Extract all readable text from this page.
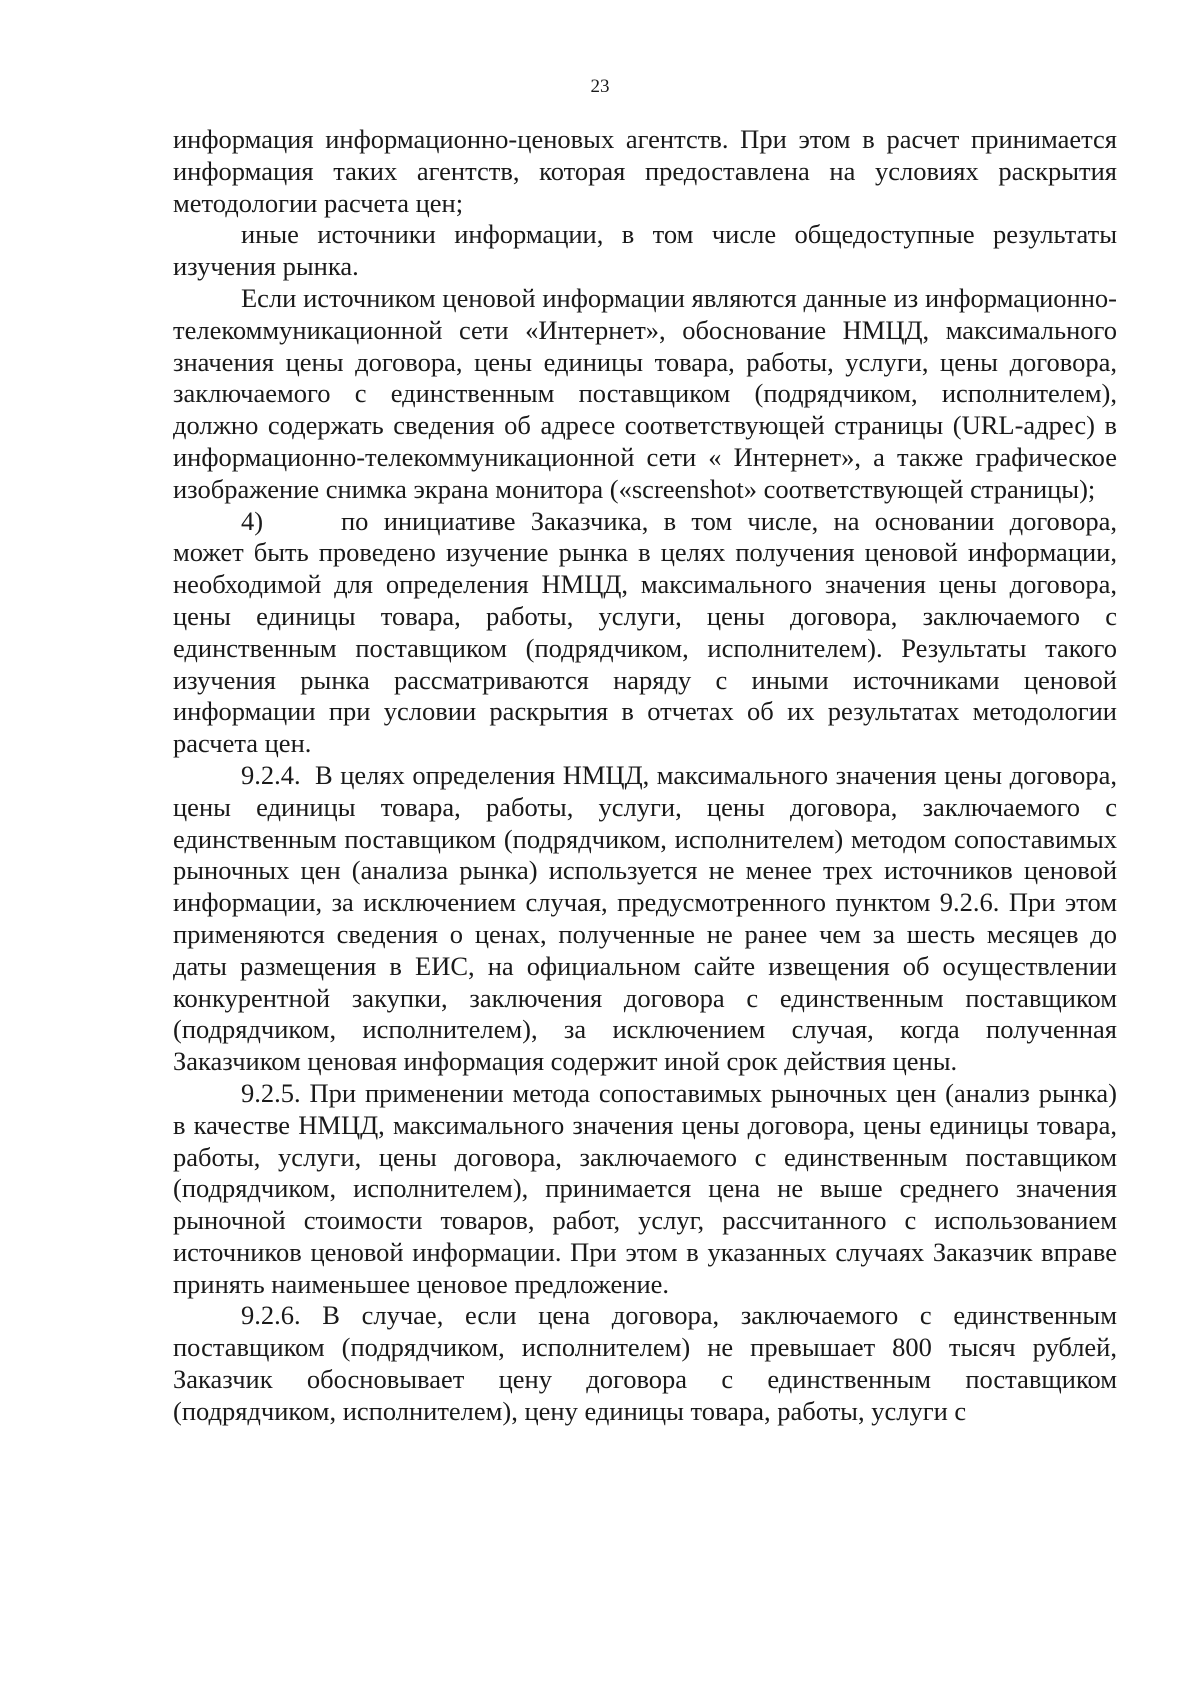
23

информация информационно-ценовых агентств. При этом в расчет принимается информация таких агентств, которая предоставлена на условиях раскрытия методологии расчета цен;

иные источники информации, в том числе общедоступные результаты изучения рынка.

Если источником ценовой информации являются данные из информационно-телекоммуникационной сети «Интернет», обоснование НМЦД, максимального значения цены договора, цены единицы товара, работы, услуги, цены договора, заключаемого с единственным поставщиком (подрядчиком, исполнителем), должно содержать сведения об адресе соответствующей страницы (URL-адрес) в информационно-телекоммуникационной сети « Интернет», а также графическое изображение снимка экрана монитора («screenshot» соответствующей страницы);

4)	по инициативе Заказчика, в том числе, на основании договора, может быть проведено изучение рынка в целях получения ценовой информации, необходимой для определения НМЦД, максимального значения цены договора, цены единицы товара, работы, услуги, цены договора, заключаемого с единственным поставщиком (подрядчиком, исполнителем). Результаты такого изучения рынка рассматриваются наряду с иными источниками ценовой информации при условии раскрытия в отчетах об их результатах методологии расчета цен.

9.2.4. В целях определения НМЦД, максимального значения цены договора, цены единицы товара, работы, услуги, цены договора, заключаемого с единственным поставщиком (подрядчиком, исполнителем) методом сопоставимых рыночных цен (анализа рынка) используется не менее трех источников ценовой информации, за исключением случая, предусмотренного пунктом 9.2.6. При этом применяются сведения о ценах, полученные не ранее чем за шесть месяцев до даты размещения в ЕИС, на официальном сайте извещения об осуществлении конкурентной закупки, заключения договора с единственным поставщиком (подрядчиком, исполнителем), за исключением случая, когда полученная Заказчиком ценовая информация содержит иной срок действия цены.

9.2.5. При применении метода сопоставимых рыночных цен (анализ рынка) в качестве НМЦД, максимального значения цены договора, цены единицы товара, работы, услуги, цены договора, заключаемого с единственным поставщиком (подрядчиком, исполнителем), принимается цена не выше среднего значения рыночной стоимости товаров, работ, услуг, рассчитанного с использованием источников ценовой информации. При этом в указанных случаях Заказчик вправе принять наименьшее ценовое предложение.

9.2.6. В случае, если цена договора, заключаемого с единственным поставщиком (подрядчиком, исполнителем) не превышает 800 тысяч рублей, Заказчик обосновывает цену договора с единственным поставщиком (подрядчиком, исполнителем), цену единицы товара, работы, услуги с
